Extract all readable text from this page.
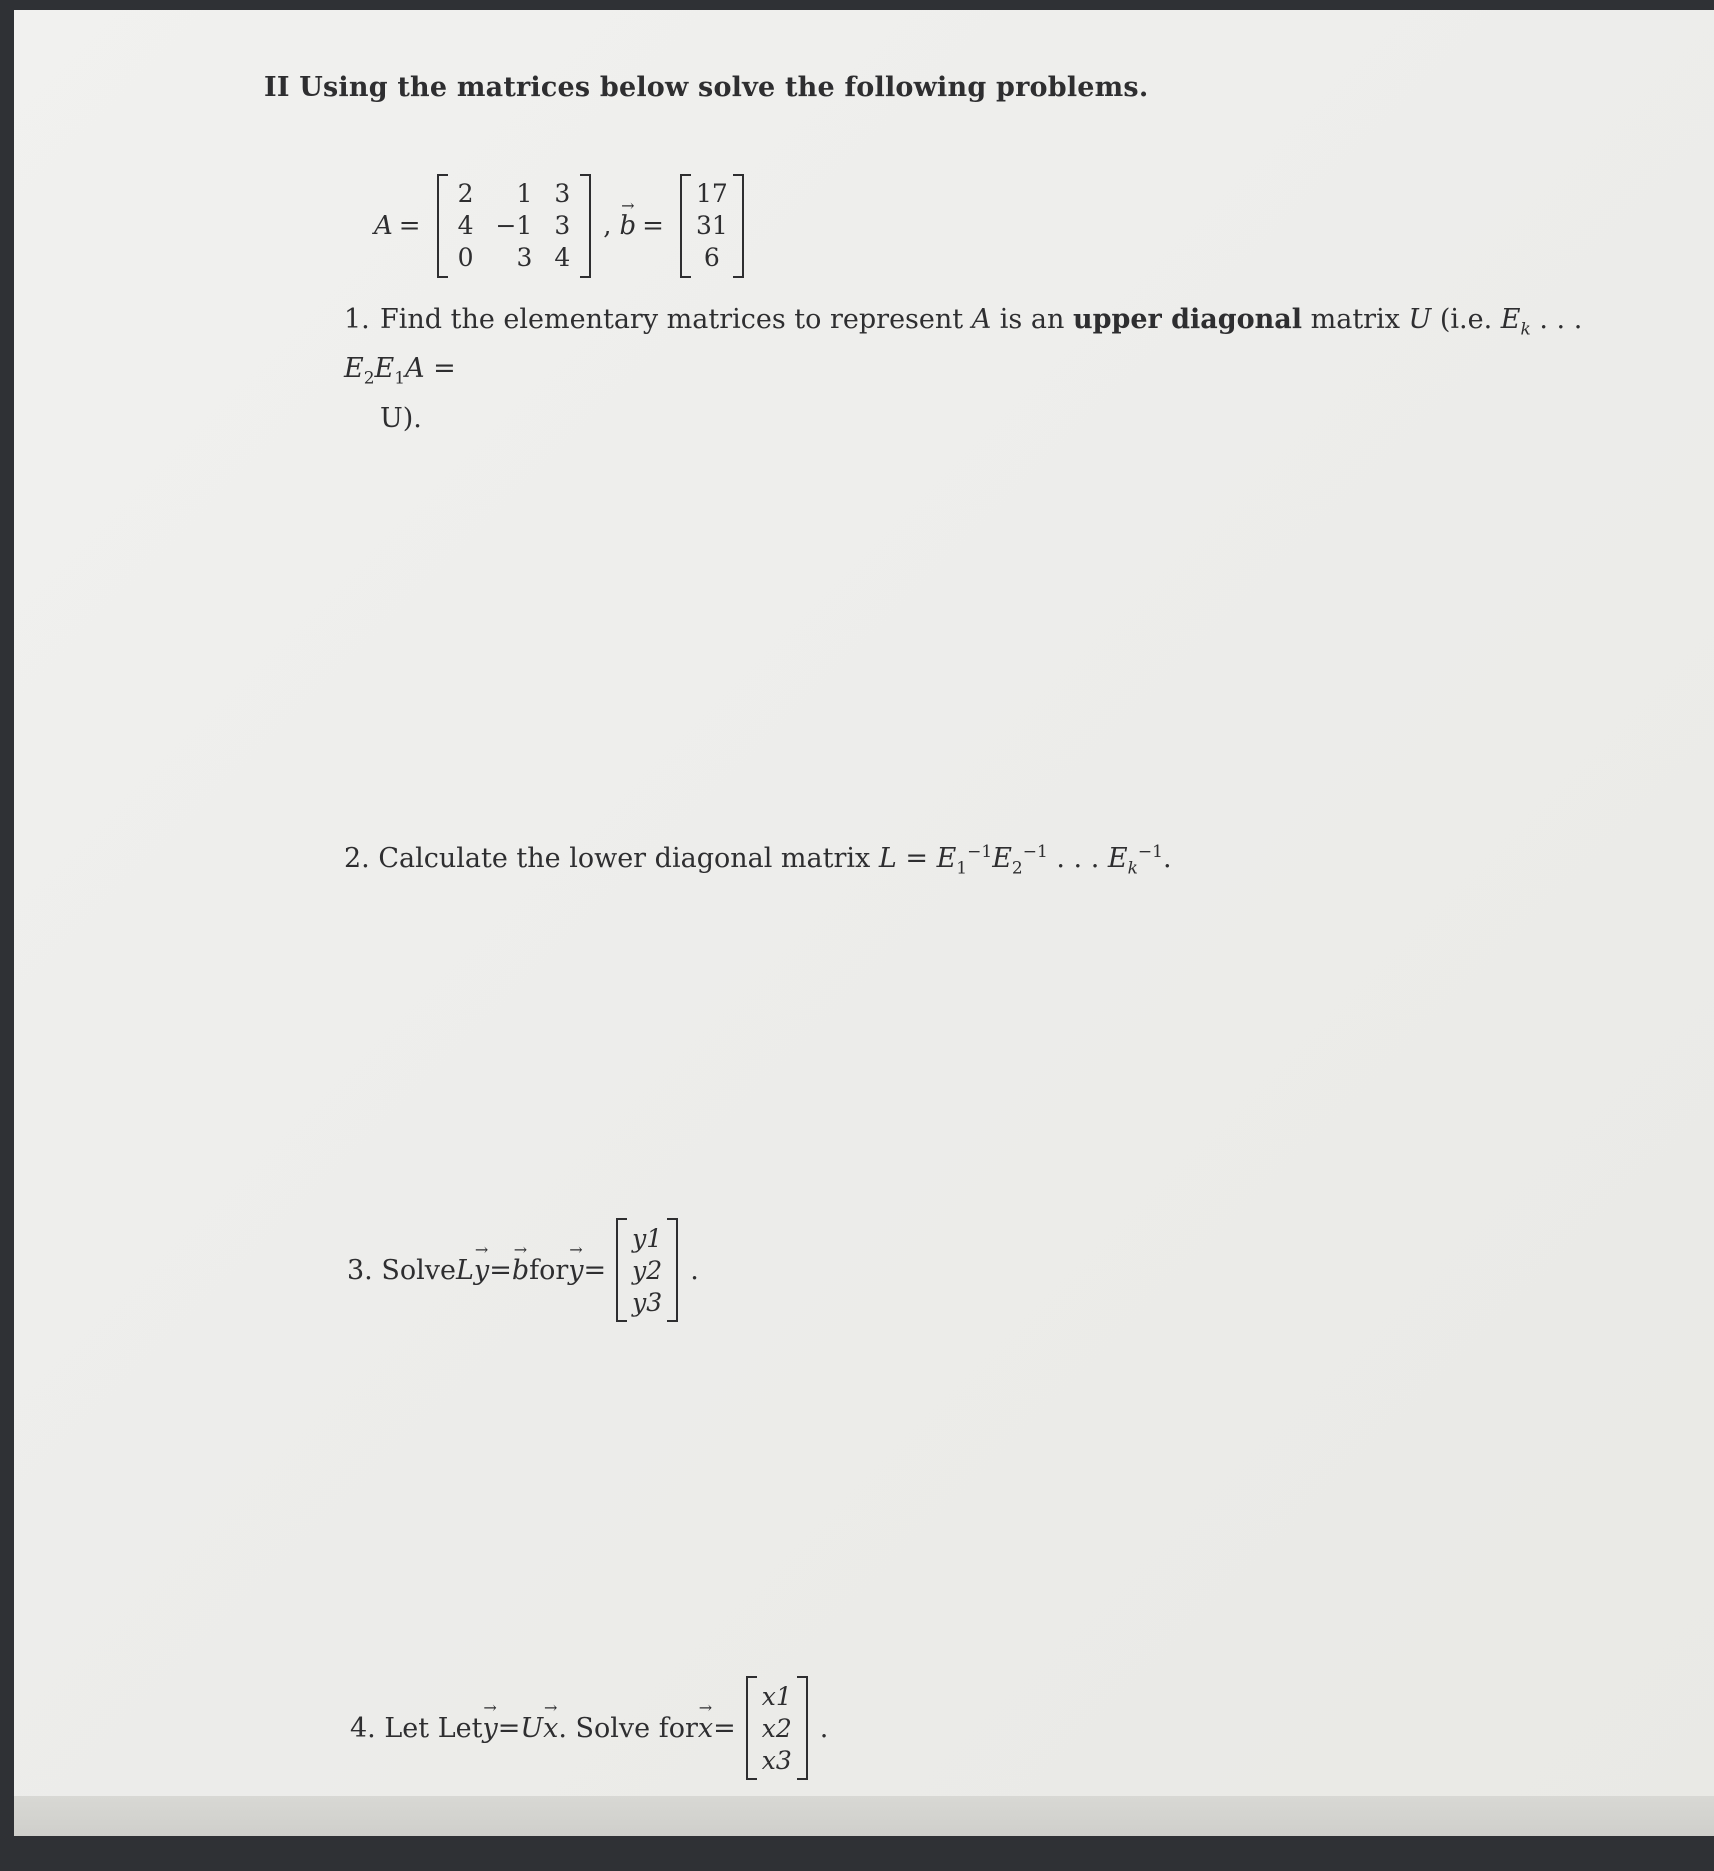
II Using the matrices below solve the following problems.
A =
2	1	3
4	−1	3
0	3	4
, b → =
17
31
6
1. Find the elementary matrices to represent A is an upper diagonal matrix U (i.e. $E_k$ . . . $E_2E_1A$ =
U).
2. Calculate the lower diagonal matrix $L = E_1^{-1}E_2^{-1}$ . . . $E_k^{-1}$.
3.
Solve L y → = b → for y → =
y1
y2
y3
.
4.
Let Let y → = U x → . Solve for x → =
x1
x2
x3
.
